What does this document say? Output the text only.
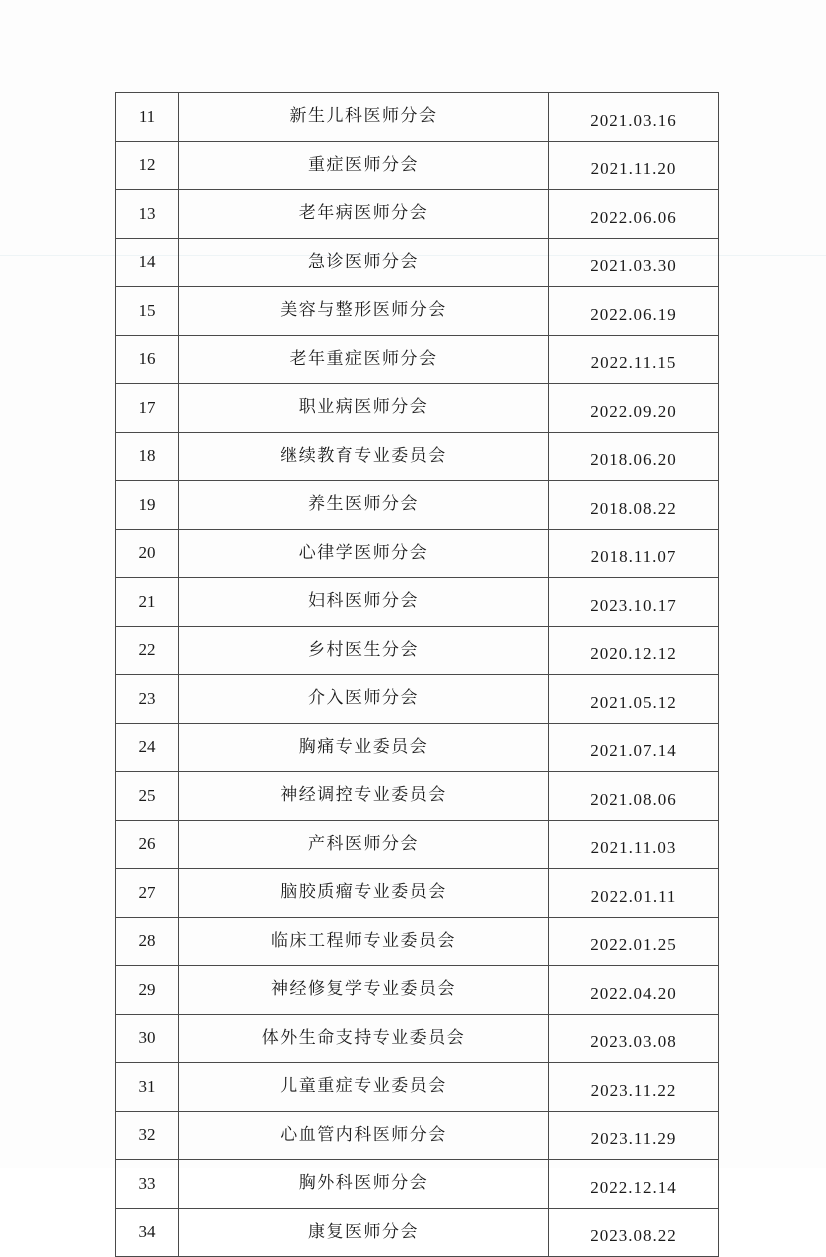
11	新生儿科医师分会	2021.03.16
12	重症医师分会	2021.11.20
13	老年病医师分会	2022.06.06
14	急诊医师分会	2021.03.30
15	美容与整形医师分会	2022.06.19
16	老年重症医师分会	2022.11.15
17	职业病医师分会	2022.09.20
18	继续教育专业委员会	2018.06.20
19	养生医师分会	2018.08.22
20	心律学医师分会	2018.11.07
21	妇科医师分会	2023.10.17
22	乡村医生分会	2020.12.12
23	介入医师分会	2021.05.12
24	胸痛专业委员会	2021.07.14
25	神经调控专业委员会	2021.08.06
26	产科医师分会	2021.11.03
27	脑胶质瘤专业委员会	2022.01.11
28	临床工程师专业委员会	2022.01.25
29	神经修复学专业委员会	2022.04.20
30	体外生命支持专业委员会	2023.03.08
31	儿童重症专业委员会	2023.11.22
32	心血管内科医师分会	2023.11.29
33	胸外科医师分会	2022.12.14
34	康复医师分会	2023.08.22
